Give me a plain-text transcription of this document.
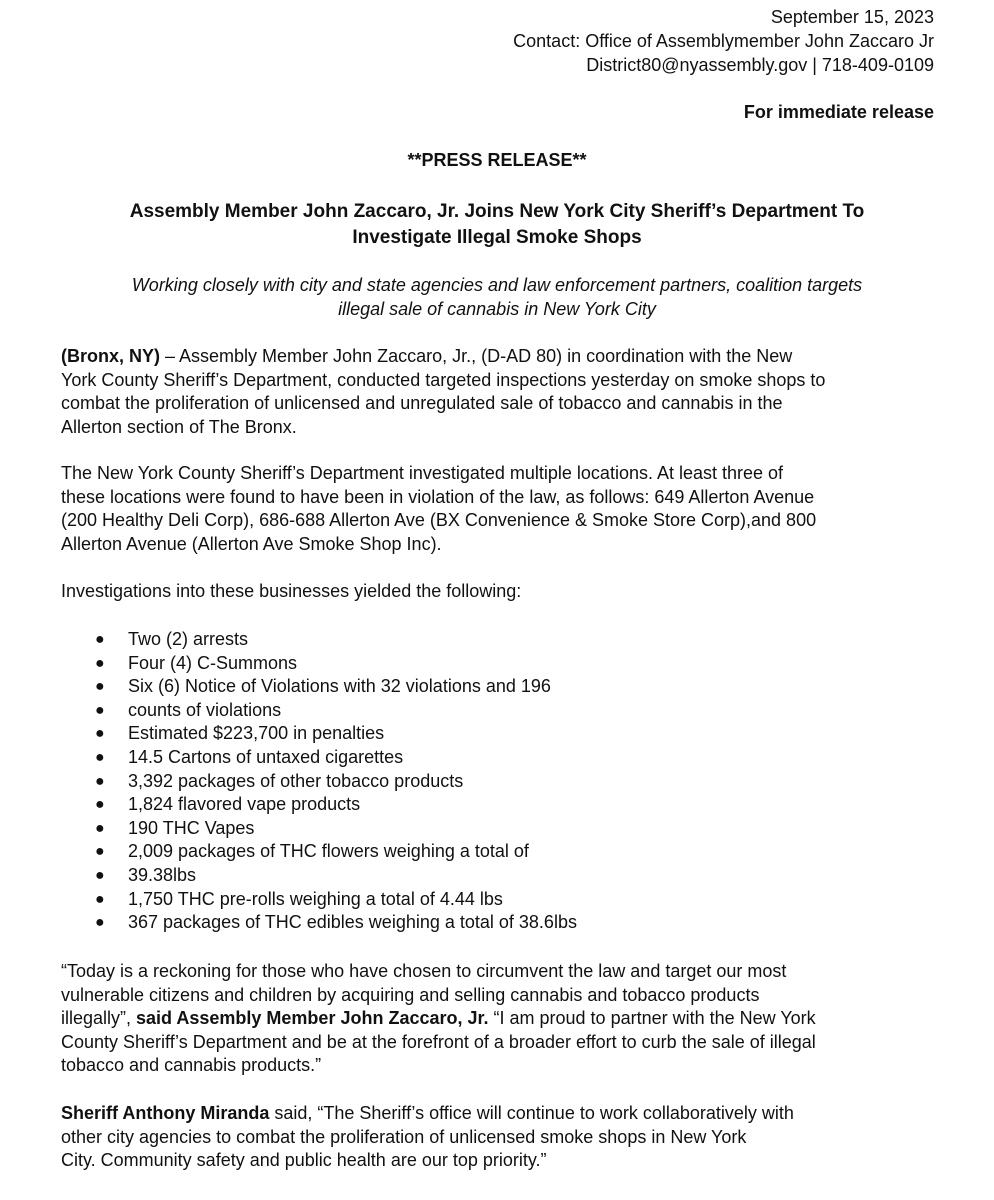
September 15, 2023
Contact: Office of Assemblymember John Zaccaro Jr
District80@nyassembly.gov | 718-409-0109
For immediate release
**PRESS RELEASE**
Assembly Member John Zaccaro, Jr. Joins New York City Sheriff’s Department To
Investigate Illegal Smoke Shops
Working closely with city and state agencies and law enforcement partners, coalition targets
illegal sale of cannabis in New York City
(Bronx, NY) – Assembly Member John Zaccaro, Jr., (D-AD 80) in coordination with the New
York County Sheriff’s Department, conducted targeted inspections yesterday on smoke shops to
combat the proliferation of unlicensed and unregulated sale of tobacco and cannabis in the
Allerton section of The Bronx.
The New York County Sheriff’s Department investigated multiple locations. At least three of
these locations were found to have been in violation of the law, as follows: 649 Allerton Avenue
(200 Healthy Deli Corp), 686-688 Allerton Ave (BX Convenience & Smoke Store Corp),and 800
Allerton Avenue (Allerton Ave Smoke Shop Inc).
Investigations into these businesses yielded the following:
● Two (2) arrests
● Four (4) C-Summons
● Six (6) Notice of Violations with 32 violations and 196
● counts of violations
● Estimated $223,700 in penalties
● 14.5 Cartons of untaxed cigarettes
● 3,392 packages of other tobacco products
● 1,824 flavored vape products
● 190 THC Vapes
● 2,009 packages of THC flowers weighing a total of
● 39.38lbs
● 1,750 THC pre-rolls weighing a total of 4.44 lbs
● 367 packages of THC edibles weighing a total of 38.6lbs
“Today is a reckoning for those who have chosen to circumvent the law and target our most
vulnerable citizens and children by acquiring and selling cannabis and tobacco products
illegally”, said Assembly Member John Zaccaro, Jr. “I am proud to partner with the New York
County Sheriff’s Department and be at the forefront of a broader effort to curb the sale of illegal
tobacco and cannabis products.”
Sheriff Anthony Miranda said, “The Sheriff’s office will continue to work collaboratively with
other city agencies to combat the proliferation of unlicensed smoke shops in New York
City. Community safety and public health are our top priority.”
